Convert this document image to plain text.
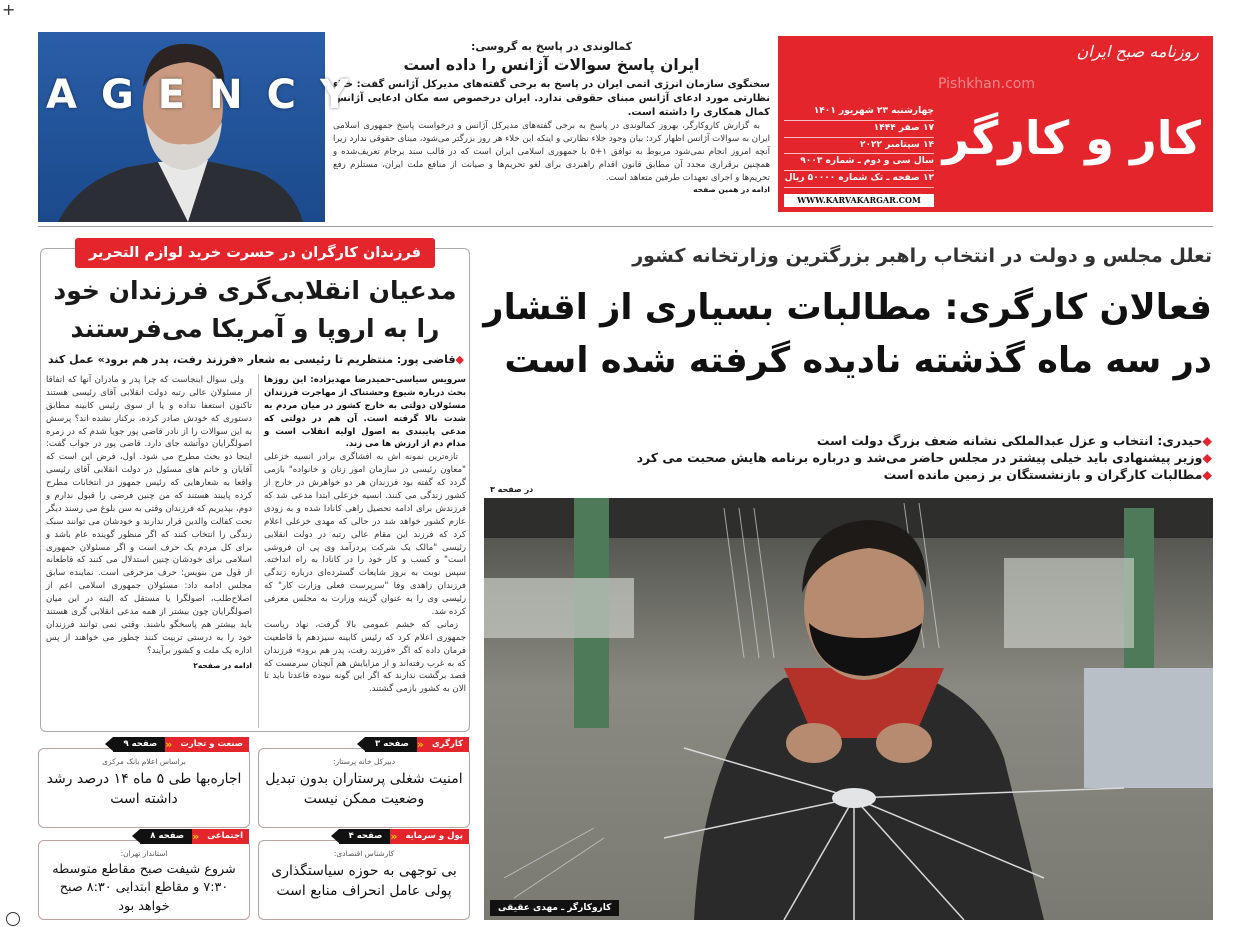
+
AGENCY
کمالوندی در پاسخ به گروسی:
ایران پاسخ سوالات آژانس را داده است
سخنگوی سازمان انرژی اتمی ایران در پاسخ به برخی گفته‌های مدیرکل آژانس گفت: خلاء نظارتی مورد ادعای آژانس مبنای حقوقی ندارد. ایران درخصوص سه مکان ادعایی آژانس کمال همکاری را داشته است.
به گزارش کاروکارگر، بهروز کمالوندی در پاسخ به برخی گفته‌های مدیرکل آژانس و درخواست پاسخ جمهوری اسلامی ایران به سوالات آژانس اظهار کرد: بیان وجود خلاء نظارتی و اینکه این خلاء هر روز بزرگتر می‌شود، مبنای حقوقی ندارد زیرا آنچه امروز انجام نمی‌شود مربوط به توافق ۱+۵ با جمهوری اسلامی ایران است که در قالب سند برجام تعریف‌شده و همچنین برقراری مجدد آن مطابق قانون اقدام راهبردی برای لغو تحریم‌ها و صیانت از منافع ملت ایران، مستلزم رفع تحریم‌ها و اجرای تعهدات طرفین متعاهد است.
ادامه در همین صفحه
روزنامه صبح ایران
Pishkhan.com
کار و کارگر
چهارشنبه ۲۳ شهریور ۱۴۰۱
۱۷ صفر ۱۴۴۴
۱۴ سپتامبر ۲۰۲۲
سال سی و دوم ـ شماره ۹۰۰۳
۱۲ صفحه ـ تک شماره ۵۰۰۰۰ ریال
WWW.KARVAKARGAR.COM
تعلل مجلس و دولت در انتخاب راهبر بزرگترین وزارتخانه کشور
فعالان کارگری: مطالبات بسیاری از اقشار در سه ماه گذشته نادیده گرفته شده است
◆حیدری: انتخاب و عزل عبدالملکی نشانه ضعف بزرگ دولت است
◆وزیر پیشنهادی باید خیلی پیشتر در مجلس حاضر می‌شد و درباره برنامه هایش صحبت می کرد
◆مطالبات کارگران و بازنشستگان بر زمین مانده است
در صفحه ۳
کاروکارگر ـ مهدی عقیقی
فرزندان کارگران در حسرت خرید لوازم التحریر
مدعیان انقلابی‌گری فرزندان خود را به اروپا و آمریکا می‌فرستند
◆قاضی پور: منتظریم تا رئیسی به شعار «فرزند رفت، پدر هم برود» عمل کند
سرویس سیاسی-حمیدرضا مهدیزاده: این روزها بحث درباره شیوع وحشتناک از مهاجرت فرزندان مسئولان دولتی به خارج کشور در میان مردم به شدت بالا گرفته است. آن هم در دولتی که مدعی پایبندی به اصول اولیه انقلاب است و مدام دم از ارزش ها می زند.

تازه‌ترین نمونه اش به افشاگری برادر انسیه خزعلی "معاون رئیسی در سازمان امور زنان و خانواده" بازمی گردد که گفته بود فرزندان هر دو خواهرش در خارج از کشور زندگی می کنند. انسیه خزعلی ابتدا مدعی شد که فرزندش برای ادامه تحصیل راهی کانادا شده و به زودی عازم کشور خواهد شد در حالی که مهدی خزعلی اعلام کرد که فرزند این مقام عالی رتبه در دولت انقلابی رئیسی "مالک یک شرکت پردرآمد وی پی ان فروشی است" و کسب و کار خود را در کانادا به راه انداخته. سپس نوبت به بروز شایعات گسترده‌ای درباره زندگی فرزندان زاهدی وفا "سرپرست فعلی وزارت کار" که رئیسی وی را به عنوان گزینه وزارت به مجلس معرفی کرده شد.

زمانی که خشم عمومی بالا گرفت، نهاد ریاست جمهوری اعلام کرد که رئیس کابینه سیزدهم با قاطعیت فرمان داده که اگر «فرزند رفت، پدر هم برود» فرزندان که به غرب رفته‌اند و از مزایایش هم آنچنان سرمست که قصد برگشت ندارند که اگر این گونه نبوده قاعدتا باید تا الان به کشور بازمی گشتند.

ولی سوال اینجاست که چرا پدر و مادران آنها که اتفاقا از مسئولان عالی رتبه دولت انقلابی آقای رئیسی هستند تاکنون استعفا نداده و یا از سوی رئیس کابینه مطابق دستوری که خودش صادر کرده، برکنار نشده اند؟ پرسش به این سوالات را از نادر قاضی پور جویا شدم که در زمره اصولگرایان دوآتشه جای دارد. قاضی پور در جواب گفت: اینجا دو بحث مطرح می شود. اول، فرض این است که آقایان و خانم های مسئول در دولت انقلابی آقای رئیسی واقعا به شعارهایی که رئیس جمهور در انتخابات مطرح کرده پایبند هستند که من چنین فرضی را قبول ندارم و دوم، بپذیریم که فرزندان وقتی به سن بلوغ می رسند دیگر تحت کفالت والدین قرار ندارند و خودشان می توانند سبک زندگی را انتخاب کنند که اگر منظور گوینده عام باشد و برای کل مردم یک حرف است و اگر مسئولان جمهوری اسلامی برای خودشان چنین استدلال می کنند که قاطعانه از قول من بنویس: حرف مزخرفی است. نماینده سابق مجلس ادامه داد: مسئولان جمهوری اسلامی اعم از اصلاح‌طلب، اصولگرا یا مستقل که البته در این میان اصولگرایان چون بیشتر از همه مدعی انقلابی گری هستند باید بیشتر هم پاسخگو باشند. وقتی نمی توانند فرزندان خود را به درستی تربیت کنند چطور می خواهند از پس اداره یک ملت و کشور برآیند؟

ادامه در صفحه۲
کارگری
«
صفحه ۳
دبیرکل خانه پرستار:
امنیت شغلی پرستاران بدون تبدیل وضعیت ممکن نیست
صنعت و تجارت
«
صفحه ۹
براساس اعلام بانک مرکزی
اجاره‌بها طی ۵ ماه ۱۴ درصد رشد داشته است
پول و سرمایه
«
صفحه ۴
کارشناس اقتصادی:
بی توجهی به حوزه سیاستگذاری پولی عامل انحراف منابع است
اجتماعی
«
صفحه ۸
استاندار تهران:
شروع شیفت صبح مقاطع متوسطه ۷:۳۰ و مقاطع ابتدایی ۸:۳۰ صبح خواهد بود
